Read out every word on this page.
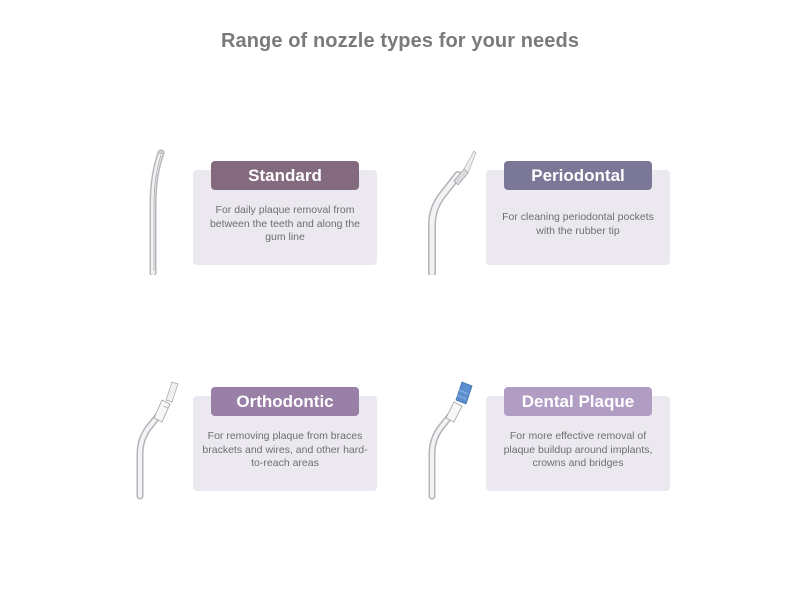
Range of nozzle types for your needs

For daily plaque removal from between the teeth and along the gum line

Standard

For cleaning periodontal pockets with the rubber tip

Periodontal

For removing plaque from braces brackets and wires, and other hard-to-reach areas

Orthodontic

For more effective removal of plaque buildup around implants, crowns and bridges

Dental Plaque
